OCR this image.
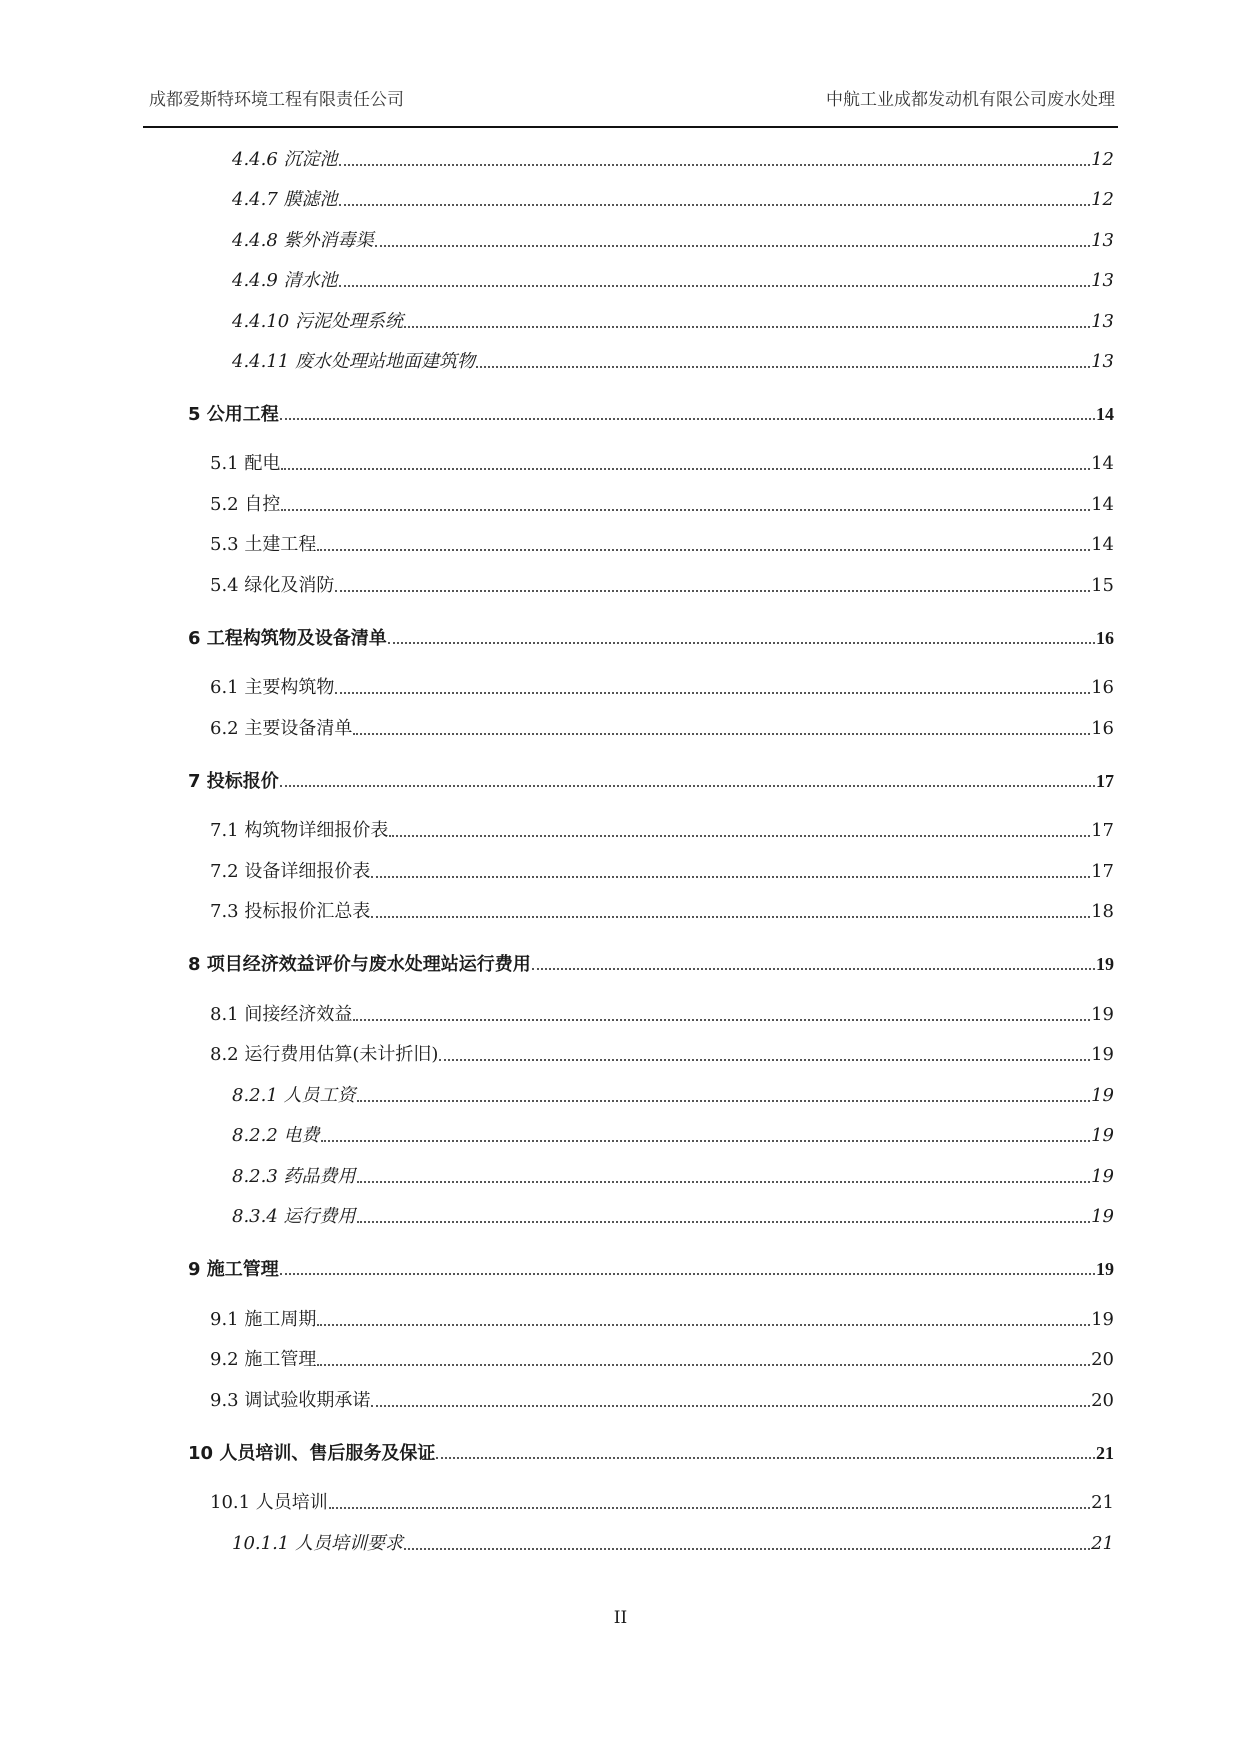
成都爱斯特环境工程有限责任公司	中航工业成都发动机有限公司废水处理
4.4.6 沉淀池	12
4.4.7 膜滤池	12
4.4.8 紫外消毒渠	13
4.4.9 清水池	13
4.4.10 污泥处理系统	13
4.4.11 废水处理站地面建筑物	13
5 公用工程	14
5.1 配电	14
5.2 自控	14
5.3 土建工程	14
5.4 绿化及消防	15
6 工程构筑物及设备清单	16
6.1 主要构筑物	16
6.2 主要设备清单	16
7 投标报价	17
7.1 构筑物详细报价表	17
7.2 设备详细报价表	17
7.3 投标报价汇总表	18
8 项目经济效益评价与废水处理站运行费用	19
8.1 间接经济效益	19
8.2 运行费用估算(未计折旧)	19
8.2.1 人员工资	19
8.2.2 电费	19
8.2.3 药品费用	19
8.3.4 运行费用	19
9 施工管理	19
9.1 施工周期	19
9.2 施工管理	20
9.3 调试验收期承诺	20
10 人员培训、售后服务及保证	21
10.1 人员培训	21
10.1.1 人员培训要求	21
II
